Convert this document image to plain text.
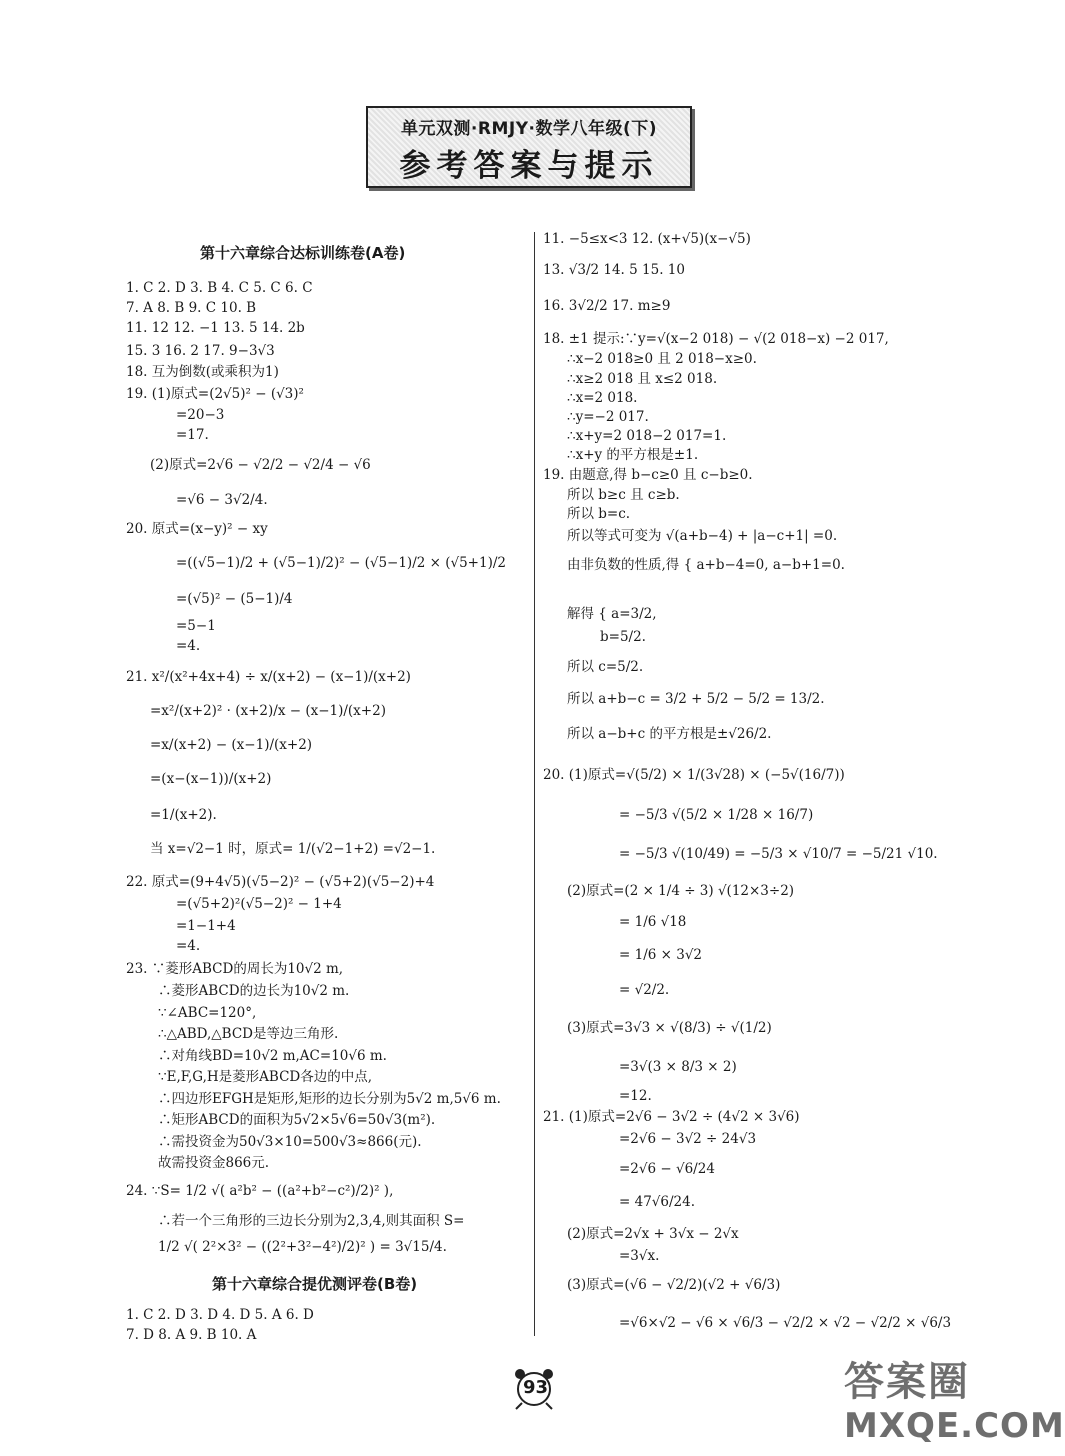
单元双测·RMJY·数学八年级(下)
参考答案与提示
第十六章综合达标训练卷(A卷)
1. C 2. D 3. B 4. C 5. C 6. C
7. A 8. B 9. C 10. B
11. 12 12. −1 13. 5 14. 2b
15. 3 16. 2 17. 9−3√3
18. 互为倒数(或乘积为1)
19. (1)原式=(2√5)² − (√3)²
=20−3
=17.
(2)原式=2√6 − √2/2 − √2/4 − √6
=√6 − 3√2/4.
20. 原式=(x−y)² − xy
=((√5−1)/2 + (√5−1)/2)² − (√5−1)/2 × (√5+1)/2
=(√5)² − (5−1)/4
=5−1
=4.
21. x²/(x²+4x+4) ÷ x/(x+2) − (x−1)/(x+2)
=x²/(x+2)² · (x+2)/x − (x−1)/(x+2)
=x/(x+2) − (x−1)/(x+2)
=(x−(x−1))/(x+2)
=1/(x+2).
当 x=√2−1 时，原式= 1/(√2−1+2) =√2−1.
22. 原式=(9+4√5)(√5−2)² − (√5+2)(√5−2)+4
=(√5+2)²(√5−2)² − 1+4
=1−1+4
=4.
23. ∵菱形ABCD的周长为10√2 m,
∴菱形ABCD的边长为10√2 m.
∵∠ABC=120°,
∴△ABD,△BCD是等边三角形.
∴对角线BD=10√2 m,AC=10√6 m.
∵E,F,G,H是菱形ABCD各边的中点,
∴四边形EFGH是矩形,矩形的边长分别为5√2 m,5√6 m.
∴矩形ABCD的面积为5√2×5√6=50√3(m²).
∴需投资金为50√3×10=500√3≈866(元).
故需投资金866元.
24. ∵S= 1/2 √( a²b² − ((a²+b²−c²)/2)² ),
∴若一个三角形的三边长分别为2,3,4,则其面积 S=
1/2 √( 2²×3² − ((2²+3²−4²)/2)² ) = 3√15/4.
第十六章综合提优测评卷(B卷)
1. C 2. D 3. D 4. D 5. A 6. D
7. D 8. A 9. B 10. A
11. −5≤x<3 12. (x+√5)(x−√5)
13. √3/2 14. 5 15. 10
16. 3√2/2 17. m≥9
18. ±1 提示:∵y=√(x−2 018) − √(2 018−x) −2 017,
∴x−2 018≥0 且 2 018−x≥0.
∴x≥2 018 且 x≤2 018.
∴x=2 018.
∴y=−2 017.
∴x+y=2 018−2 017=1.
∴x+y 的平方根是±1.
19. 由题意,得 b−c≥0 且 c−b≥0.
所以 b≥c 且 c≥b.
所以 b=c.
所以等式可变为 √(a+b−4) + |a−c+1| =0.
由非负数的性质,得 { a+b−4=0, a−b+1=0.
解得 { a=3/2,
b=5/2.
所以 c=5/2.
所以 a+b−c = 3/2 + 5/2 − 5/2 = 13/2.
所以 a−b+c 的平方根是±√26/2.
20. (1)原式=√(5/2) × 1/(3√28) × (−5√(16/7))
= −5/3 √(5/2 × 1/28 × 16/7)
= −5/3 √(10/49) = −5/3 × √10/7 = −5/21 √10.
(2)原式=(2 × 1/4 ÷ 3) √(12×3÷2)
= 1/6 √18
= 1/6 × 3√2
= √2/2.
(3)原式=3√3 × √(8/3) ÷ √(1/2)
=3√(3 × 8/3 × 2)
=12.
21. (1)原式=2√6 − 3√2 ÷ (4√2 × 3√6)
=2√6 − 3√2 ÷ 24√3
=2√6 − √6/24
= 47√6/24.
(2)原式=2√x + 3√x − 2√x
=3√x.
(3)原式=(√6 − √2/2)(√2 + √6/3)
=√6×√2 − √6 × √6/3 − √2/2 × √2 − √2/2 × √6/3
93	答案圈
MXQE.COM
